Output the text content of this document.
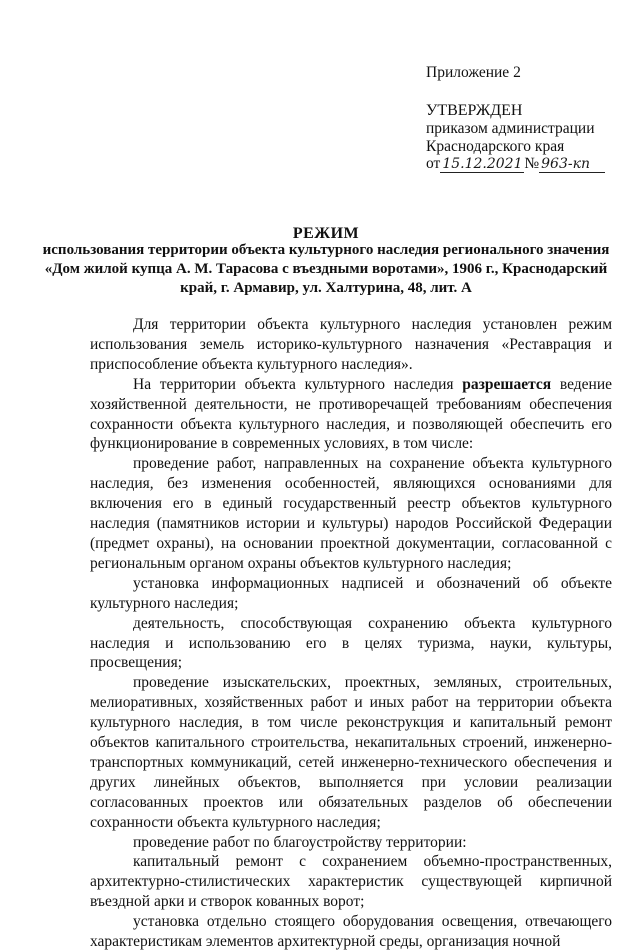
Приложение 2
УТВЕРЖДЕН
приказом администрации
Краснодарского края
от 15.12.2021 № 963-кп
РЕЖИМ
использования территории объекта культурного наследия регионального значения «Дом жилой купца А. М. Тарасова с въездными воротами», 1906 г., Краснодарский край, г. Армавир, ул. Халтурина, 48, лит. А

Для территории объекта культурного наследия установлен режим использования земель историко-культурного назначения «Реставрация и приспособление объекта культурного наследия».

На территории объекта культурного наследия разрешается ведение хозяйственной деятельности, не противоречащей требованиям обеспечения сохранности объекта культурного наследия, и позволяющей обеспечить его функционирование в современных условиях, в том числе:

проведение работ, направленных на сохранение объекта культурного наследия, без изменения особенностей, являющихся основаниями для включения его в единый государственный реестр объектов культурного наследия (памятников истории и культуры) народов Российской Федерации (предмет охраны), на основании проектной документации, согласованной с региональным органом охраны объектов культурного наследия;

установка информационных надписей и обозначений об объекте культурного наследия;

деятельность, способствующая сохранению объекта культурного наследия и использованию его в целях туризма, науки, культуры, просвещения;

проведение изыскательских, проектных, земляных, строительных, мелиоративных, хозяйственных работ и иных работ на территории объекта культурного наследия, в том числе реконструкция и капитальный ремонт объектов капитального строительства, некапитальных строений, инженерно-транспортных коммуникаций, сетей инженерно-технического обеспечения и других линейных объектов, выполняется при условии реализации согласованных проектов или обязательных разделов об обеспечении сохранности объекта культурного наследия;

проведение работ по благоустройству территории:

капитальный ремонт с сохранением объемно-пространственных, архитектурно-стилистических характеристик существующей кирпичной въездной арки и створок кованных ворот;

установка отдельно стоящего оборудования освещения, отвечающего характеристикам элементов архитектурной среды, организация ночной
